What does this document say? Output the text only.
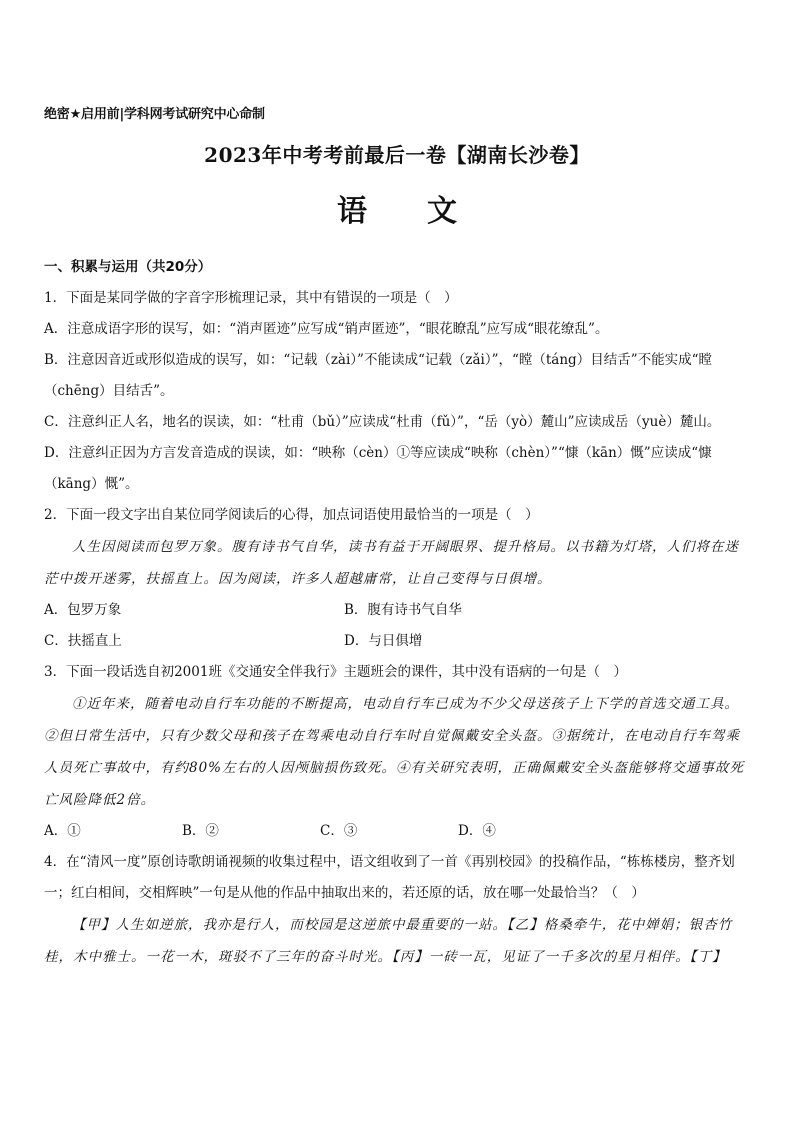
绝密★启用前|学科网考试研究中心命制
2023年中考考前最后一卷【湖南长沙卷】
语　　文

一、积累与运用（共20分）

1．下面是某同学做的字音字形梳理记录，其中有错误的一项是（　）

A．注意成语字形的误写，如：“消声匿迹”应写成“销声匿迹”，“眼花瞭乱”应写成“眼花缭乱”。

B．注意因音近或形似造成的误写，如：“记载（zài）”不能读成“记载（zǎi）”，“瞠（táng）目结舌”不能实成“瞠（chēng）目结舌”。

C．注意纠正人名，地名的误读，如：“杜甫（bǔ）”应读成“杜甫（fǔ）”，“岳（yò）麓山”应读成岳（yuè）麓山。

D．注意纠正因为方言发音造成的误读，如：“映称（cèn）①等应读成“映称（chèn）”“慷（kān）慨”应读成“慷（kāng）慨”。

2．下面一段文字出自某位同学阅读后的心得，加点词语使用最恰当的一项是（　）

人生因阅读而包罗万象。腹有诗书气自华，读书有益于开阔眼界、提升格局。以书籍为灯塔，人们将在迷茫中拨开迷雾，扶摇直上。因为阅读，许多人超越庸常，让自己变得与日俱增。

A．包罗万象	B．腹有诗书气自华
C．扶摇直上	D．与日俱增

3．下面一段话选自初2001班《交通安全伴我行》主题班会的课件，其中没有语病的一句是（　）

①近年来，随着电动自行车功能的不断提高，电动自行车已成为不少父母送孩子上下学的首选交通工具。②但日常生活中，只有少数父母和孩子在驾乘电动自行车时自觉佩戴安全头盔。③据统计，在电动自行车驾乘人员死亡事故中，有约80%左右的人因颅脑损伤致死。④有关研究表明，正确佩戴安全头盔能够将交通事故死亡风险降低2倍。

A．①	B．②	C．③	D．④

4．在“清风一度”原创诗歌朗诵视频的收集过程中，语文组收到了一首《再别校园》的投稿作品，“栋栋楼房，整齐划一；红白相间，交相辉映”一句是从他的作品中抽取出来的，若还原的话，放在哪一处最恰当？（　）

【甲】人生如逆旅，我亦是行人，而校园是这逆旅中最重要的一站。【乙】格桑牵牛，花中婵娟；银杏竹桂，木中雅士。一花一木，斑驳不了三年的奋斗时光。【丙】一砖一瓦，见证了一千多次的星月相伴。【丁】
